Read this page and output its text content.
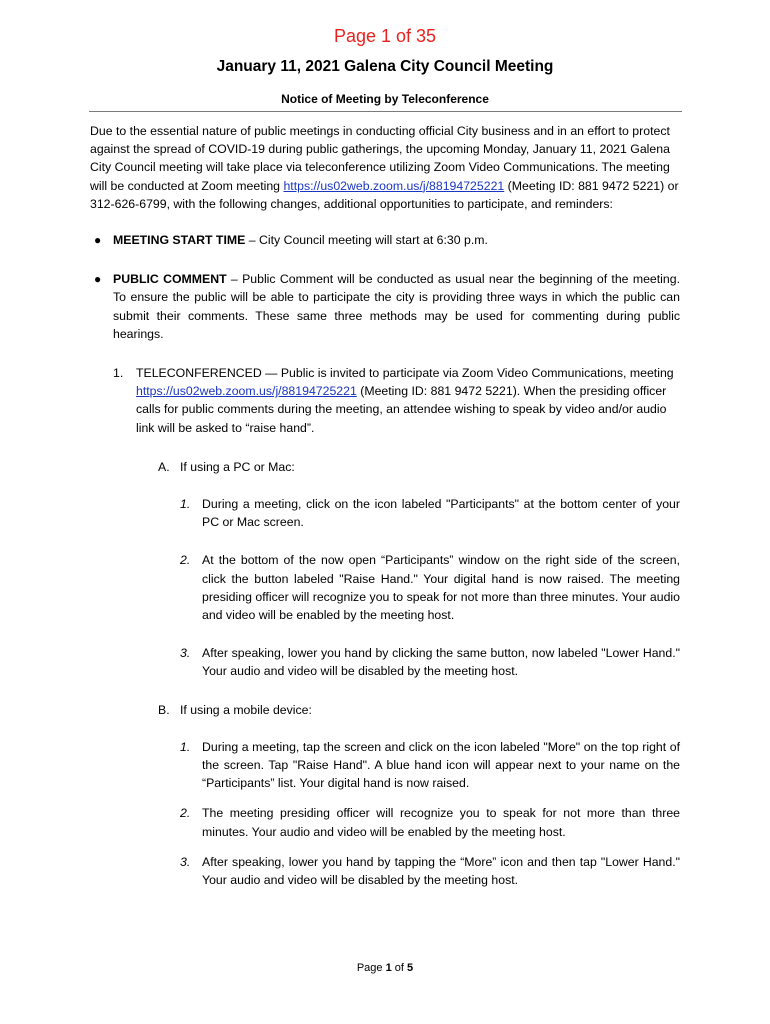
Page 1 of 35
January 11, 2021 Galena City Council Meeting
Notice of Meeting by Teleconference

Due to the essential nature of public meetings in conducting official City business and in an effort to protect against the spread of COVID-19 during public gatherings, the upcoming Monday, January 11, 2021 Galena City Council meeting will take place via teleconference utilizing Zoom Video Communications. The meeting will be conducted at Zoom meeting https://us02web.zoom.us/j/88194725221 (Meeting ID: 881 9472 5221) or 312-626-6799, with the following changes, additional opportunities to participate, and reminders:

● MEETING START TIME – City Council meeting will start at 6:30 p.m.
● PUBLIC COMMENT – Public Comment will be conducted as usual near the beginning of the meeting. To ensure the public will be able to participate the city is providing three ways in which the public can submit their comments. These same three methods may be used for commenting during public hearings.
1. TELECONFERENCED — Public is invited to participate via Zoom Video Communications, meeting https://us02web.zoom.us/j/88194725221 (Meeting ID: 881 9472 5221). When the presiding officer calls for public comments during the meeting, an attendee wishing to speak by video and/or audio link will be asked to “raise hand”.
A. If using a PC or Mac:
1. During a meeting, click on the icon labeled "Participants" at the bottom center of your PC or Mac screen.
2. At the bottom of the now open “Participants” window on the right side of the screen, click the button labeled "Raise Hand." Your digital hand is now raised. The meeting presiding officer will recognize you to speak for not more than three minutes. Your audio and video will be enabled by the meeting host.
3. After speaking, lower you hand by clicking the same button, now labeled "Lower Hand." Your audio and video will be disabled by the meeting host.
B. If using a mobile device:
1. During a meeting, tap the screen and click on the icon labeled "More" on the top right of the screen. Tap "Raise Hand". A blue hand icon will appear next to your name on the “Participants” list. Your digital hand is now raised.
2. The meeting presiding officer will recognize you to speak for not more than three minutes. Your audio and video will be enabled by the meeting host.
3. After speaking, lower you hand by tapping the “More” icon and then tap "Lower Hand." Your audio and video will be disabled by the meeting host.
Page 1 of 5
